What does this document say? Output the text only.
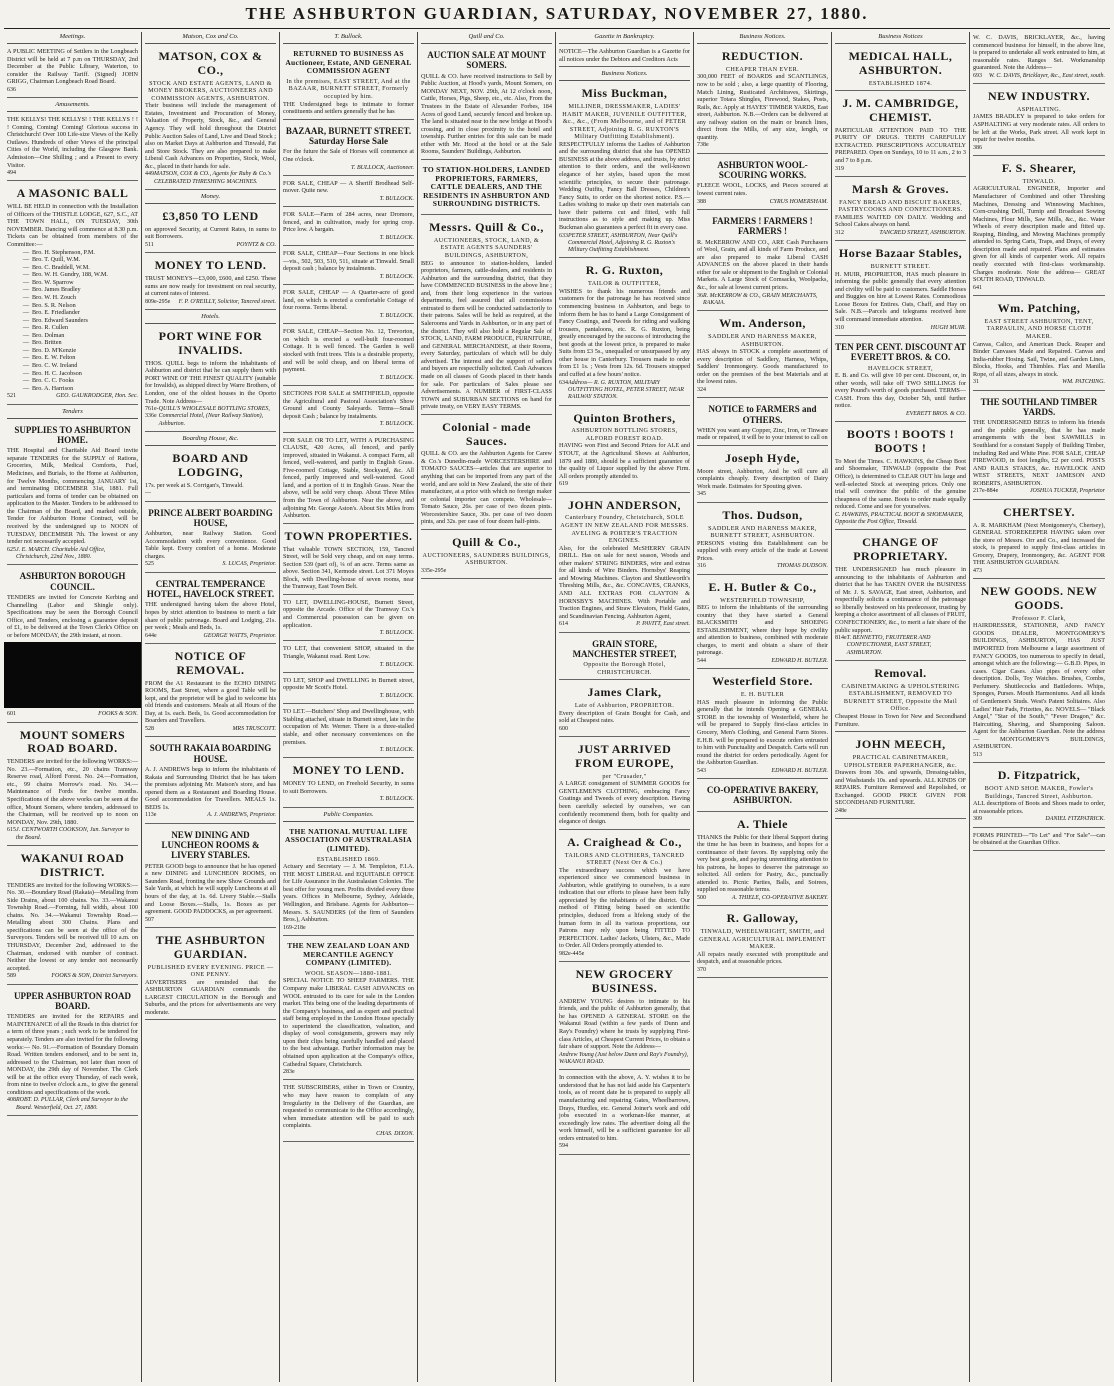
THE ASHBURTON GUARDIAN, SATURDAY, NOVEMBER 27, 1880.
Meetings.
A PUBLIC MEETING of Settlers in the Longbeach District will be held at 7 p.m on THURSDAY, 2nd December at the Public Library, Waterton, to consider the Railway Tariff. (Signed) JOHN GRIGG, Chairman Longbeach Road Board.
636
Amusements.
THE KELLYS! THE KELLYS! ! THE KELLYS ! ! ! Coming, Coming! Coming! Glorious success in Christchurch! Over 100 Life-size Views of the Kelly Outlaws. Hundreds of other Views of the principal Cities of the World, including the Glasgow Bank. Admission—One Shilling ; and a Present to every Visitor.
494
A MASONIC BALL
WILL BE HELD in connection with the Installation of Officers of the THISTLE LODGE, 627, S.C., AT THE TOWN HALL, ON TUESDAY, 30th NOVEMBER. Dancing will commence at 8.30 p.m. Tickets can be obtained from members of the Committee:—
— Bro. H. Stephenson, P.M.
— Bro. T. Quill, W.M.
— Bro. C. Braddell, W.M.
— Bro. W. H. Gundry, 188, W.M.
— Bro. W. Sparrow
— Bro. James Bradley
— Bro. W. H. Zouch
— Bro. S. R. Nelson
— Bro. E. Friedlander
— Bro. Edward Saunders
— Bro. R. Cullen
— Bro. Dolman
— Bro. Britten
— Bro. D. M'Kenzie
— Bro. E. W. Felton
— Bro. C. W. Ireland
— Bro. H. C. Jacobson
— Bro. C. C. Fooks
— Bro. A. Harrison
521	GEO. GAUKRODGER, Hon. Sec.
Tenders
SUPPLIES TO ASHBURTON HOME.
THE Hospital and Charitable Aid Board invite separate TENDERS for the SUPPLY of Rations, Groceries, Milk, Medical Comforts, Fuel, Medicines, and Burials, to the Home at Ashburton, for Twelve Months, commencing JANUARY 1st, and terminating DECEMBER 31st, 1881. Full particulars and forms of tender can be obtained on application to the Master. Tenders to be addressed to the Chairman of the Board, and marked outside, Tender for Ashburton Home Contract, will be received by the undersigned up to NOON of TUESDAY, DECEMBER 7th. The lowest or any tender not necessarily accepted.
625 J. E. MARCH. Charitable Aid Office, Christchurch, 22nd Nov., 1880.
ASHBURTON BOROUGH COUNCIL.
TENDERS are invited for Concrete Kerbing and Channelling (Labor and Shingle only). Specifications may be seen the Borough Council Office, and Tenders, enclosing a guarantee deposit of £1, to be delivered at the Town Clerk's Office on or before MONDAY, the 29th instant, at noon.
601	FOOKS & SON.
MOUNT SOMERS ROAD BOARD.
TENDERS are invited for the following WORKS:— No. 23.—Formation, etc., 20 chains Tramway Reserve road, Alford Forest. No. 24.—Formation, etc., 99 chains Morrow's road. No. 34.—Maintenance of Fords for twelve months. Specifications of the above works can be seen at the office, Mount Somers, where tenders, addressed to the Chairman, will be received up to noon on MONDAY, Nov. 29th, 1880.
615 J. CENTWORTH COOKSON, Jun. Surveyor to the Board.
WAKANUI ROAD DISTRICT.
TENDERS are invited for the following WORKS:— No. 30.—Boundary Road (Rakaia)—Metalling from Side Drains, about 100 chains. No. 33.—Wakanui Township Road.—Forming, full width, about 100 chains. No. 34.—Wakanui Township Road.—Metalling about 300 Chains. Plans and specifications can be seen at the office of the Surveyors. Tenders will be received till 10 a.m. on THURSDAY, December 2nd, addressed to the Chairman, endorsed with number of contract. Neither the lowest or any tender not necessarily accepted.
589	FOOKS & SON, District Surveyors.
UPPER ASHBURTON ROAD BOARD.
TENDERS are invited for the REPAIRS and MAINTENANCE of all the Roads in this district for a term of three years ; such work to be tendered for separately. Tenders are also invited for the following works:— No. 91.—Formation of Boundary Domain Road. Written tenders endorsed, and to be sent in, addressed to the Chairman, not later than noon of MONDAY, the 29th day of November. The Clerk will be at the office every Thursday, of each week, from nine to twelve o'clock a.m., to give the general conditions and specifications of the work.
408 ROBT. D. PULLAR, Clerk and Surveyor to the Board. Westerfield, Oct. 27, 1880.
Matson, Cox and Co.
MATSON, COX & CO.,
STOCK AND ESTATE AGENTS, LAND & MONEY BROKERS, AUCTIONEERS AND COMMISSION AGENTS, ASHBURTON.
Their business will include the management of Estates, Investment and Procuration of Money, Valuation of Property, Stock, &c., and General Agency. They will hold throughout the District Public Auction Sales of Land, Live and Dead Stock ; also on Market Days at Ashburton and Tinwald, Fat and Store Stock. They are also prepared to make Liberal Cash Advances on Properties, Stock, Wool, &c., placed in their hands for sale.
449 MATSON, COX & CO., Agents for Ruby & Co.'s CELEBRATED THRESHING MACHINES.
Money.
£3,850 TO LEND
on approved Security, at Current Rates, in sums to suit Borrowers.
511	POYNTZ & CO.
MONEY TO LEND.
TRUST MONEYS—£3,000, £600, and £250. These sums are now ready for investment on real security, at current rates of interest.
809e-295e F. P. O'REILLY, Solicitor, Tancred street.
Hotels.
PORT WINE FOR INVALIDS.
THOS. QUILL begs to inform the inhabitants of Ashburton and district that he can supply them with PORT WINE OF THE FINEST QUALITY (suitable for Invalids), as shipped direct by Warre Brothers, of London, one of the oldest houses in the Oporto Trade. Note Address—
761e-336e
QUILL'S WHOLESALE BOTTLING STORES, Commercial Hotel, (Near Railway Station), Ashburton.
Boarding House, &c.
BOARD AND LODGING,
17s. per week at S. Corrigan's, Tinwald.
—
PRINCE ALBERT BOARDING HOUSE,
Ashburton, near Railway Station. Good Accommodation with every convenience. Good Table kept. Every comfort of a home. Moderate charges.
525	S. LUCAS, Proprietor.
CENTRAL TEMPERANCE HOTEL, HAVELOCK STREET.
THE undersigned having taken the above Hotel, hopes by strict attention to business to merit a fair share of public patronage. Board and Lodging, 21s. per week ; Meals and Beds, 1s.
644e	GEORGE WATTS, Proprietor.
NOTICE OF REMOVAL.
FROM the A1 Restaurant to the ECHO DINING ROOMS, East Street, where a good Table will be kept, and the proprietor will be glad to welcome his old friends and customers. Meals at all Hours of the Day, at 1s. each. Beds, 1s. Good accommodation for Boarders and Travellers.
528	MRS TRUSCOTT.
SOUTH RAKAIA BOARDING HOUSE.
A. J. ANDREWS begs to inform the inhabitants of Rakaia and Surrounding District that he has taken the premises adjoining Mr. Matson's store, and has opened them as a Restaurant and Boarding House. Good accommodation for Travellers. MEALS 1s. BEDS 1s.
113e	A. J. ANDREWS, Proprietor.
NEW DINING AND LUNCHEON ROOMS & LIVERY STABLES.
PETER GOOD begs to announce that he has opened a new DINING and LUNCHEON ROOMS, on Saunders Road, fronting the new Show Grounds and Sale Yards, at which he will supply Luncheons at all hours of the day, at 1s. 6d. Livery Stable.—Stalls and Loose Boxes.—Stalls, 1s. Boxes as per agreement. GOOD PADDOCKS, as per agreement.
507
THE ASHBURTON GUARDIAN.
PUBLISHED EVERY EVENING. PRICE — ONE PENNY.
ADVERTISERS are reminded that the ASHBURTON GUARDIAN commands the LARGEST CIRCULATION in the Borough and Suburbs, and the prices for advertisements are very moderate.
T. Bullock.
RETURNED TO BUSINESS AS Auctioneer, Estate, AND GENERAL COMMISSION AGENT
In the premises, EAST STREET, And at the BAZAAR, BURNETT STREET, Formerly occupied by him.
THE Undersigned begs to intimate to former constituents and settlers generally that he has
BAZAAR, BURNETT STREET. Saturday Horse Sale
For the future the Sale of Horses will commence at One o'clock.
T. BULLOCK, Auctioneer.
FOR SALE, CHEAP — A Sheriff Brodhead Self-mover. Quite new.
T. BULLOCK.
FOR SALE—Farm of 284 acres, near Dromore, fenced, and in cultivation, ready for spring crop. Price low. A bargain.
T. BULLOCK.
FOR SALE, CHEAP—Four Sections in one block—vis., 502, 503, 510, 511, situate at Tinwald. Small deposit cash ; balance by instalments.
T. BULLOCK.
FOR SALE, CHEAP — A Quarter-acre of good land, on which is erected a comfortable Cottage of four rooms. Terms liberal.
T. BULLOCK.
FOR SALE, CHEAP—Section No. 12, Trevorton, on which is erected a well-built four-roomed Cottage. It is well fenced. The Garden is well stocked with fruit trees. This is a desirable property, and will be sold cheap, and on liberal terms of payment.
T. BULLOCK.
SECTIONS FOR SALE at SMITHFIELD, opposite the Agricultural and Pastoral Association's Show Ground and County Saleyards. Terms—Small deposit Cash ; balance by instalments.
T. BULLOCK.
FOR SALE OR TO LET, WITH A PURCHASING CLAUSE, 420 Acres, all fenced, and partly improved, situated in Wakanui. A compact Farm, all fenced, well-watered, and partly in English Grass. Five-roomed Cottage, Stable, Stockyard, &c. All fenced, partly improved and well-watered. Good land, and a portion of it in English Grass. Near the above, will be sold very cheap. About Three Miles from the Town of Ashburton. Near the above, and adjoining Mr. George Aston's. About Six Miles from Ashburton.
TOWN PROPERTIES.
That valuable TOWN SECTION, 159, Tancred Street, will be Sold very cheap, and on easy terms. Section 539 (part of), ¼ of an acre. Terms same as above. Section 341, Kermode street. Lot 371 Moyes Block, with Dwelling-house of seven rooms, near the Tramway, East Town Belt.
TO LET, DWELLING-HOUSE, Burnett Street, opposite the Arcade. Office of the Tramway Co.'s and Commercial possession can be given on application.
T. BULLOCK.
TO LET, that convenient SHOP, situated in the Triangle, Wakanui road. Rent Low.
T. BULLOCK.
TO LET, SHOP and DWELLING in Burnett street, opposite Mr Scott's Hotel.
T. BULLOCK.
TO LET.—Butchers' Shop and Dwellinghouse, with Stabling attached, situate in Burnett street, late in the occupation of Mr. Werner. There is a three-stalled stable, and other necessary conveniences on the premises.
T. BULLOCK.
MONEY TO LEND.
MONEY TO LEND, on Freehold Security, in sums to suit Borrowers.
T. BULLOCK.
Public Companies.
THE NATIONAL MUTUAL LIFE ASSOCIATION OF AUSTRALASIA (LIMITED).
ESTABLISHED 1869.
Actuary and Secretary — J. M. Templeton, F.I.A. THE MOST LIBERAL and EQUITABLE OFFICE for Life Assurance in the Australasian Colonies. The best offer for young men. Profits divided every three years. Offices in Melbourne, Sydney, Adelaide, Wellington, and Brisbane. Agents for Ashburton—Messrs. S. SAUNDERS (of the firm of Saunders Bros.), Ashburton.
169-218e
THE NEW ZEALAND LOAN AND MERCANTILE AGENCY COMPANY (LIMITED).
WOOL SEASON—1880-1881.
SPECIAL NOTICE TO SHEEP FARMERS. THE Company make LIBERAL CASH ADVANCES on WOOL entrusted to its care for sale in the London market. This being one of the leading departments of the Company's business, and as expert and practical staff being employed in the London House specially to superintend the classification, valuation, and display of wool consignments, growers may rely upon their clips being carefully handled and placed to the best advantage. Further information may be obtained upon application at the Company's office, Cathedral Square, Christchurch.
283e
THE SUBSCRIBERS, either in Town or Country, who may have reason to complain of any Irregularity in the Delivery of the Guardian, are requested to communicate to the Office accordingly, when immediate attention will be paid to such complaints.
CHAS. DIXON.
Quill and Co.
AUCTION SALE AT MOUNT SOMERS.
QUILL & CO. have received instructions to Sell by Public Auction, at Hood's yards, Mount Somers, on MONDAY NEXT, NOV. 29th, At 12 o'clock noon, Cattle, Horses, Pigs, Sheep, etc., etc. Also, From the Trustees in the Estate of Alexander Forbes, 184 Acres of good Land, securely fenced and broken up. The land is situated near to the new bridge at Hood's crossing, and in close proximity to the hotel and township. Further entries for this sale can be made either with Mr. Hood at the hotel or at the Sale Rooms, Saunders' Buildings, Ashburton.
TO STATION-HOLDERS, LANDED PROPRIETORS, FARMERS, CATTLE DEALERS, AND THE RESIDENTS IN ASHBURTON AND SURROUNDING DISTRICTS.
Messrs. Quill & Co.,
AUCTIONEERS, STOCK, LAND, & ESTATE AGENTS SAUNDERS' BUILDINGS, ASHBURTON,
BEG to announce to station-holders, landed proprietors, farmers, cattle-dealers, and residents in Ashburton and the surrounding district, that they have COMMENCED BUSINESS in the above line ; and, from their long experience in the various departments, feel assured that all commissions entrusted to them will be conducted satisfactorily to their patrons. Sales will be held as required, at the Salerooms and Yards in Ashburton, or in any part of the district. They will also hold a Regular Sale of STOCK, LAND, FARM PRODUCE, FURNITURE, and GENERAL MERCHANDISE, at their Rooms, every Saturday, particulars of which will be duly advertised. The interest and the support of sellers and buyers are respectfully solicited. Cash Advances made on all classes of Goods placed in their hands for sale. For particulars of Sales please see Advertisements. A NUMBER of FIRST-CLASS TOWN and SUBURBAN SECTIONS on hand for private treaty, on VERY EASY TERMS.
Colonial - made Sauces.
QUILL & CO. are the Ashburton Agents for Carew & Co.'s Dunedin-made WORCESTERSHIRE and TOMATO SAUCES—articles that are superior to anything that can be imported from any part of the world, and are sold in New Zealand, the site of their manufacture, at a price with which no foreign maker or colonial importer can compete. Wholesale—Tomato Sauce, 26s. per case of two dozen pints. Worcestershire Sauce, 30s. per case of two dozen pints, and 32s. per case of four dozen half-pints.
Quill & Co.,
AUCTIONEERS, SAUNDERS BUILDINGS, ASHBURTON.
335e-295e
Gazette in Bankruptcy.
NOTICE—The Ashburton Guardian is a Gazette for all notices under the Debtors and Creditors Acts
Business Notices.
Miss Buckman,
MILLINER, DRESSMAKER, LADIES' HABIT MAKER, JUVENILE OUTFITTER, &c., &c., (From Melbourne, and of PETER STREET, Adjoining R. G. RUXTON'S Military Outfitting Establishment).
RESPECTFULLY informs the Ladies of Ashburton and the surrounding district that she has OPENED BUSINESS at the above address, and trusts, by strict attention to their orders, and the well-known elegance of her styles, based upon the most scientific principles, to secure their patronage. Wedding Outfits, Fancy Ball Dresses, Children's Fancy Suits, to order on the shortest notice. P.S.—Ladies wishing to make up their own materials can have their patterns cut and fitted, with full instructions as to style and making up. Miss Buckman also guarantees a perfect fit in every case.
633 PETER STREET, ASHBURTON, Near Quill's Commercial Hotel, Adjoining R. G. Ruxton's Military Outfitting Establishment.
R. G. Ruxton,
TAILOR & OUTFITTER,
WISHES to thank his numerous friends and customers for the patronage he has received since commencing business in Ashburton, and begs to inform them he has to hand a Large Consignment of Fancy Coatings, and Tweeds for riding and walking trousers, pantaloons, etc. R. G. Ruxton, being greatly encouraged by the success of introducing the best goods at the lowest price, is prepared to make Suits from £3 5s., unequalled or unsurpassed by any other house in Canterbury. Trousers made to order from £1 1s. ; Vests from 12s. 6d. Trousers strapped and cuffed at a few hours' notice.
634 Address— R. G. RUXTON, MILITARY OUTFITTING HOTEL, PETER STREET, NEAR RAILWAY STATION.
Quinton Brothers,
ASHBURTON BOTTLING STORES, ALFORD FOREST ROAD.
HAVING won First and Second Prizes for ALE and STOUT, at the Agricultural Shows at Ashburton, 1879 and 1880, should be a sufficient guarantee of the quality of Liquor supplied by the above Firm. All orders promptly attended to.
619
JOHN ANDERSON,
Canterbury Foundry, Christchurch, SOLE AGENT IN NEW ZEALAND FOR MESSRS. AVELING & PORTER'S TRACTION ENGINES.
Also, for the celebrated McSHERRY GRAIN DRILL. Has on sale for next season, Woods and other makers' STRING BINDERS, wire and extras for all kinds of Wire Binders. Hornsbys' Reaping and Mowing Machines. Clayton and Shuttleworth's Threshing Mills, &c., &c. CONCAVES, CRANKS, AND ALL EXTRAS FOR CLAYTON & HORNSBY'S MACHINES. With Portable and Traction Engines, and Straw Elevators, Field Gates, and Scandinavian Fencing. Ashburton Agent,
614	P. PAVITT, East street.
GRAIN STORE, MANCHESTER STREET,
Opposite the Borough Hotel, CHRISTCHURCH.
James Clark,
Late of Ashburton, PROPRIETOR.
Every description of Grain Bought for Cash, and sold at Cheapest rates.
600
JUST ARRIVED FROM EUROPE,
per "Crusader,"
A LARGE consignment of SUMMER GOODS for GENTLEMEN'S CLOTHING, embracing Fancy Coatings and Tweeds of every description. Having been carefully selected by ourselves, we can confidently recommend them, both for quality and elegance of design.
A. Craighead & Co.,
TAILORS AND CLOTHIERS, TANCRED STREET (Next Orr & Co.)
The extraordinary success which we have experienced since we commenced business in Ashburton, while gratifying to ourselves, is a sure indication that our efforts to please have been fully appreciated by the inhabitants of the district. Our method of Fitting being based on scientific principles, deduced from a lifelong study of the human form in all its various proportions, our Patrons may rely upon being FITTED TO PERFECTION. Ladies' Jackets, Ulsters, &c., Made to Order. All Orders promptly attended to.
982e-445e
NEW GROCERY BUSINESS.
ANDREW YOUNG desires to intimate to his friends, and the public of Ashburton generally, that he has OPENED A GENERAL STORE on the Wakanui Road (within a few yards of Dunn and Ray's Foundry) where he trusts by supplying First-class Articles, at Cheapest Current Prices, to obtain a fair share of support. Note the Address—
Andrew Young (Just below Dunn and Ray's Foundry), WAKANUI ROAD.
In connection with the above, A. Y. wishes it to be understood that he has not laid aside his Carpenter's tools, as of recent date he is prepared to supply all manufacturing and repairing Gates, Wheelbarrows, Drays, Hurdles, etc. General Joiner's work and odd jobs executed in a workman-like manner, at exceedingly low rates. The advertiser doing all the work himself, will be a sufficient guarantee for all orders entrusted to him.
594
Business Notices.
REDUCTION.
CHEAPER THAN EVER.
300,000 FEET of BOARDS and SCANTLINGS, now to be sold ; also, a large quantity of Flooring, Match Lining, Rusticated Architraves, Skirtings, superior Totara Shingles, Firewood, Stakes, Posts, Rails, &c. Apply at HAYES' TIMBER YARDS, East street, Ashburton. N.B.—Orders can be delivered at any railway station on the main or branch lines, direct from the Mills, of any size, length, or quantity.
738e
ASHBURTON WOOL-SCOURING WORKS.
FLEECE WOOL, LOCKS, and Pieces scoured at lowest current rates.
388	CYRUS HOMERSHAM.
FARMERS ! FARMERS ! FARMERS !
R. McKERROW AND CO., ARE Cash Purchasers of Wool, Grain, and all kinds of Farm Produce, and are also prepared to make Liberal CASH ADVANCES on the above placed in their hands either for sale or shipment to the English or Colonial Markets. A Large Stock of Cornsacks, Woolpacks, &c., for sale at lowest current prices.
36 R. McKERROW & CO., GRAIN MERCHANTS, RAKAIA.
Wm. Anderson,
SADDLER AND HARNESS MAKER, ASHBURTON.
HAS always in STOCK a complete assortment of every description of Saddlery, Harness, Whips, Saddlers' Ironmongery. Goods manufactured to order on the premises of the best Materials and at the lowest rates.
324
NOTICE to FARMERS and OTHERS.
WHEN you want any Copper, Zinc, Iron, or Tinware made or repaired, it will be to your interest to call on
Joseph Hyde,
Moore street, Ashburton, And he will cure all complaints cheaply. Every description of Dairy Work made. Estimates for Spouting given.
345
Thos. Dudson,
SADDLER AND HARNESS MAKER, BURNETT STREET, ASHBURTON.
PERSONS visiting this Establishment can be supplied with every article of the trade at Lowest Prices.
316	THOMAS DUDSON.
E. H. Butler & Co.,
WESTERFIELD TOWNSHIP,
BEG to inform the inhabitants of the surrounding country that they have started a General BLACKSMITH and SHOEING ESTABLISHMENT, where they hope by civility and attention to business, combined with moderate charges, to merit and obtain a share of their patronage.
544	EDWARD H. BUTLER.
Westerfield Store.
E. H. BUTLER
HAS much pleasure in informing the Public generally that he intends Opening a GENERAL STORE in the township of Westerfield, where he will be prepared to Supply first-class articles in Grocery, Men's Clothing, and General Farm Stores. E.H.B. will be prepared to execute orders entrusted to him with Punctuality and Despatch. Carts will run round the district for orders periodically. Agent for the Ashburton Guardian.
543	EDWARD H. BUTLER.
CO-OPERATIVE BAKERY, ASHBURTON.
A. Thiele
THANKS the Public for their liberal Support during the time he has been in business, and hopes for a continuance of their favors. By supplying only the very best goods, and paying unremitting attention to his patrons, he hopes to deserve the patronage so solicited. All orders for Pastry, &c., punctually attended to. Picnic Parties, Balls, and Soirees, supplied on reasonable terms.
500	A. THIELE, CO-OPERATIVE BAKERY.
R. Galloway,
TINWALD, WHEELWRIGHT, SMITH, and GENERAL AGRICULTURAL IMPLEMENT MAKER.
All repairs neatly executed with promptitude and despatch, and at reasonable prices.
370
Business Notices
MEDICAL HALL, ASHBURTON.
ESTABLISHED 1874.
J. M. CAMBRIDGE, CHEMIST.
PARTICULAR ATTENTION PAID TO THE PURITY OF DRUGS. TEETH CAREFULLY EXTRACTED. PRESCRIPTIONS ACCURATELY PREPARED. Open on Sundays, 10 to 11 a.m., 2 to 3 and 7 to 8 p.m.
319
Marsh & Groves.
FANCY BREAD AND BISCUIT BAKERS, PASTRYCOOKS AND CONFECTIONERS.
FAMILIES WAITED ON DAILY. Wedding and School Cakes always on hand.
312	TANCRED STREET, ASHBURTON.
Horse Bazaar Stables,
BURNETT STREET.
H. MUIR, PROPRIETOR, HAS much pleasure in informing the public generally that every attention and civility will be paid to customers. Saddle Horses and Buggies on hire at Lowest Rates. Commodious Loose Boxes for Entires. Oats, Chaff, and Hay on Sale. N.B.—Parcels and telegrams received here will command immediate attention.
310	HUGH MUIR.
TEN PER CENT. DISCOUNT AT EVERETT BROS. & CO.
HAVELOCK STREET,
E. B. and Co. will give 10 per cent. Discount, or, in other words, will take off TWO SHILLINGS for every Pound's worth of goods purchased. TERMS—CASH. From this day, October 5th, until further notice.
EVERETT BROS. & CO.
BOOTS ! BOOTS ! BOOTS !
To Meet the Times. C. HAWKINS, the Cheap Boot and Shoemaker, TINWALD (opposite the Post Office), is determined to CLEAR OUT his large and well-selected Stock at sweeping prices. Only one trial will convince the public of the genuine cheapness of the same. Boots to order made equally reduced. Come and see for yourselves.
C. HAWKINS, PRACTICAL BOOT & SHOEMAKER, Opposite the Post Office, Tinwald.
CHANGE OF PROPRIETARY.
THE UNDERSIGNED has much pleasure in announcing to the inhabitants of Ashburton and district that he has TAKEN OVER the BUSINESS of Mr. J. S. SAVAGE, East street, Ashburton, and respectfully solicits a continuance of the patronage so liberally bestowed on his predecessor, trusting by keeping a choice assortment of all classes of FRUIT, CONFECTIONERY, &c., to merit a fair share of the public support.
814e T. BENNETTO, FRUITERER AND CONFECTIONER, EAST STREET, ASHBURTON.
Removal.
CABINETMAKING & UPHOLSTERING ESTABLISHMENT, REMOVED TO BURNETT STREET, Opposite the Mail Office.
Cheapest House in Town for New and Secondhand Furniture.
JOHN MEECH,
PRACTICAL CABINETMAKER, UPHOLSTERER PAPERHANGER, &c.
Drawers from 30s. and upwards, Dressing-tables, and Washstands 10s. and upwards. ALL KINDS OF REPAIRS. Furniture Removed and Repolished, or Exchanged. GOOD PRICE GIVEN FOR SECONDHAND FURNITURE.
248e
W. C. DAVIS, BRICKLAYER, &c., having commenced business for himself, in the above line, is prepared to undertake all work entrusted to him, at reasonable rates. Ranges Set. Workmanship guaranteed. Note the Address—
693 W. C. DAVIS, Bricklayer, &c., East street, south.
NEW INDUSTRY.
ASPHALTING.
JAMES BRADLEY is prepared to take orders for ASPHALTING at very moderate rates. All orders to be left at the Works, Park street. All work kept in repair for twelve months.
386
F. S. Shearer,
TINWALD.
AGRICULTURAL ENGINEER, Importer and Manufacturer of Combined and other Threshing Machines, Dressing and Winnowing Machines, Corn-crushing Drill, Turnip and Broadcast Sowing Machines, Flour Mills, Saw Mills, &c., &c. Water Wheels of every description made and fitted up. Reaping, Binding, and Mowing Machines promptly attended to. Spring Carts, Traps, and Drays, of every description made and repaired. Plans and estimates given for all kinds of carpenter work. All repairs neatly executed with first-class workmanship. Charges moderate. Note the address— GREAT SOUTH ROAD, TINWALD.
641
Wm. Patching,
EAST STREET ASHBURTON, TENT, TARPAULIN, AND HORSE CLOTH MAKER.
Canvas, Calico, and American Duck. Reaper and Binder Canvases Made and Repaired. Canvas and India-rubber Hosing. Sail, Twine, and Garden Lines, Blocks, Hooks, and Thimbles. Flax and Manilla Rope, of all sizes, always in stock.
31	WM. PATCHING.
THE SOUTHLAND TIMBER YARDS.
THE UNDERSIGNED BEGS to inform his friends and the public generally, that he has made arrangements with the best SAWMILLS in Southland for a constant Supply of Building Timber, including Red and White Pine. FOR SALE, CHEAP FIREWOOD, in foot lengths, £2 per cord. POSTS AND RAILS STAKES, &c. HAVELOCK AND WEST STREETS, NEXT JAMESON AND ROBERTS, ASHBURTON.
217e-884e	JOSHUA TUCKER, Proprietor
CHERTSEY.
A. R. MARKHAM (Next Montgomery's, Chertsey), GENERAL STOREKEEPER HAVING taken over the store of Messrs. Orr and Co., and increased the stock, is prepared to supply first-class articles in Grocery, Drapery, Ironmongery, &c. AGENT FOR THE ASHBURTON GUARDIAN.
473
NEW GOODS. NEW GOODS.
Professor F. Clark,
HAIRDRESSER, STATIONER, AND FANCY GOODS DEALER, MONTGOMERY'S BUILDINGS, ASHBURTON, HAS JUST IMPORTED from Melbourne a large assortment of FANCY GOODS, too numerous to specify in detail, amongst which are the following:— G.B.D. Pipes, in cases. Cigar Cases. Also pipes of every other description. Dolls, Toy Watches. Brushes, Combs, Perfumery. Shuttlecocks and Battledores. Whips, Sponges, Purses. Mouth Harmoniums. And all kinds of Gentlemen's Studs. West's Patent Solitaires. Also Ladies' Hair Pads, Frizettes, &c. NOVELS— "Black Angel," "Star of the South," "Fever Dragon," &c. Haircutting, Shaving, and Shampooing Saloon. Agent for the Ashburton Guardian. Note the address— MONTGOMERY'S BUILDINGS, ASHBURTON.
513
D. Fitzpatrick,
BOOT AND SHOE MAKER, Fowler's Buildings, Tancred Street, Ashburton.
ALL descriptions of Boots and Shoes made to order, at reasonable prices.
309	DANIEL FITZPATRICK.
FORMS PRINTED—"To Let" and "For Sale"—can be obtained at the Guardian Office.
